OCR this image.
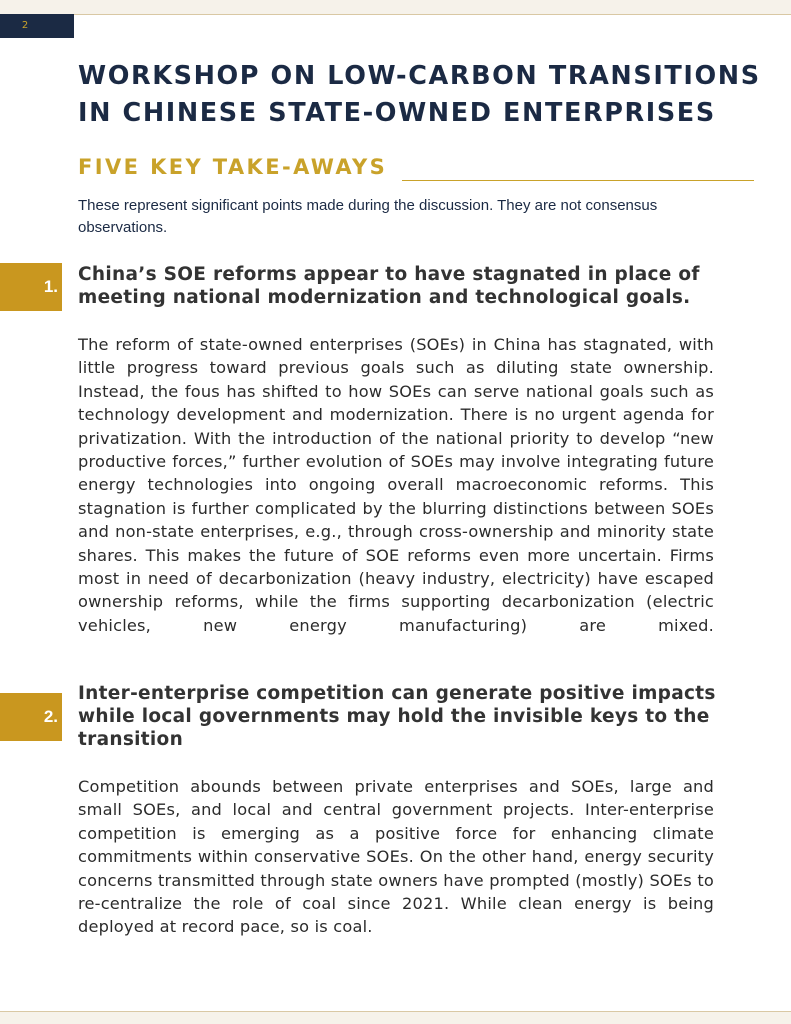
2
WORKSHOP ON LOW-CARBON TRANSITIONS IN CHINESE STATE-OWNED ENTERPRISES
FIVE KEY TAKE-AWAYS

These represent significant points made during the discussion. They are not consensus observations.

1.
China’s SOE reforms appear to have stagnated in place of meeting national modernization and technological goals.

The reform of state-owned enterprises (SOEs) in China has stagnated, with little progress toward previous goals such as diluting state ownership. Instead, the fous has shifted to how SOEs can serve national goals such as technology development and modernization. There is no urgent agenda for privatization. With the introduction of the national priority to develop “new productive forces,” further evolution of SOEs may involve integrating future energy technologies into ongoing overall macroeconomic reforms. This stagnation is further complicated by the blurring distinctions between SOEs and non-state enterprises, e.g., through cross-ownership and minority state shares. This makes the future of SOE reforms even more uncertain. Firms most in need of decarbonization (heavy industry, electricity) have escaped ownership reforms, while the firms supporting decarbonization (electric vehicles, new energy manufacturing) are mixed.

2.
Inter-enterprise competition can generate positive impacts while local governments may hold the invisible keys to the transition

Competition abounds between private enterprises and SOEs, large and small SOEs, and local and central government projects. Inter-enterprise competition is emerging as a positive force for enhancing climate commitments within conservative SOEs. On the other hand, energy security concerns transmitted through state owners have prompted (mostly) SOEs to re-centralize the role of coal since 2021. While clean energy is being deployed at record pace, so is coal.
